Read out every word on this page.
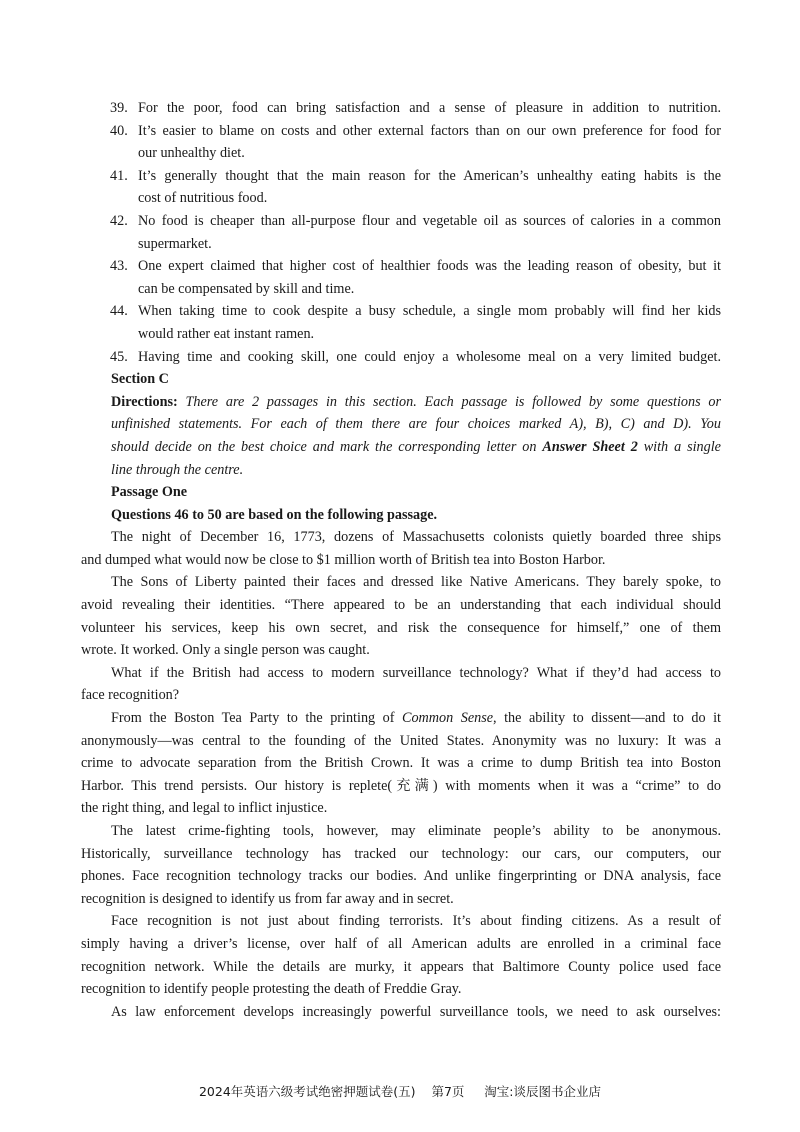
39. For the poor, food can bring satisfaction and a sense of pleasure in addition to nutrition.
40. It’s easier to blame on costs and other external factors than on our own preference for food for
our unhealthy diet.
41. It’s generally thought that the main reason for the American’s unhealthy eating habits is the
cost of nutritious food.
42. No food is cheaper than all-purpose flour and vegetable oil as sources of calories in a common
supermarket.
43. One expert claimed that higher cost of healthier foods was the leading reason of obesity, but it
can be compensated by skill and time.
44. When taking time to cook despite a busy schedule, a single mom probably will find her kids
would rather eat instant ramen.
45. Having time and cooking skill, one could enjoy a wholesome meal on a very limited budget.
Section C
Directions: There are 2 passages in this section. Each passage is followed by some questions or
unfinished statements. For each of them there are four choices marked A), B), C) and D). You
should decide on the best choice and mark the corresponding letter on Answer Sheet 2 with a single
line through the centre.
Passage One
Questions 46 to 50 are based on the following passage.
The night of December 16, 1773, dozens of Massachusetts colonists quietly boarded three ships
and dumped what would now be close to $1 million worth of British tea into Boston Harbor.
The Sons of Liberty painted their faces and dressed like Native Americans. They barely spoke, to
avoid revealing their identities. “There appeared to be an understanding that each individual should
volunteer his services, keep his own secret, and risk the consequence for himself,” one of them
wrote. It worked. Only a single person was caught.
What if the British had access to modern surveillance technology? What if they’d had access to
face recognition?
From the Boston Tea Party to the printing of Common Sense, the ability to dissent—and to do it
anonymously—was central to the founding of the United States. Anonymity was no luxury: It was a
crime to advocate separation from the British Crown. It was a crime to dump British tea into Boston
Harbor. This trend persists. Our history is replete(充满) with moments when it was a “crime” to do
the right thing, and legal to inflict injustice.
The latest crime-fighting tools, however, may eliminate people’s ability to be anonymous.
Historically, surveillance technology has tracked our technology: our cars, our computers, our
phones. Face recognition technology tracks our bodies. And unlike fingerprinting or DNA analysis, face
recognition is designed to identify us from far away and in secret.
Face recognition is not just about finding terrorists. It’s about finding citizens. As a result of
simply having a driver’s license, over half of all American adults are enrolled in a criminal face
recognition network. While the details are murky, it appears that Baltimore County police used face
recognition to identify people protesting the death of Freddie Gray.
As law enforcement develops increasingly powerful surveillance tools, we need to ask ourselves:
2024年英语六级考试绝密押题试卷(五) 第7页 淘宝:谈辰图书企业店
